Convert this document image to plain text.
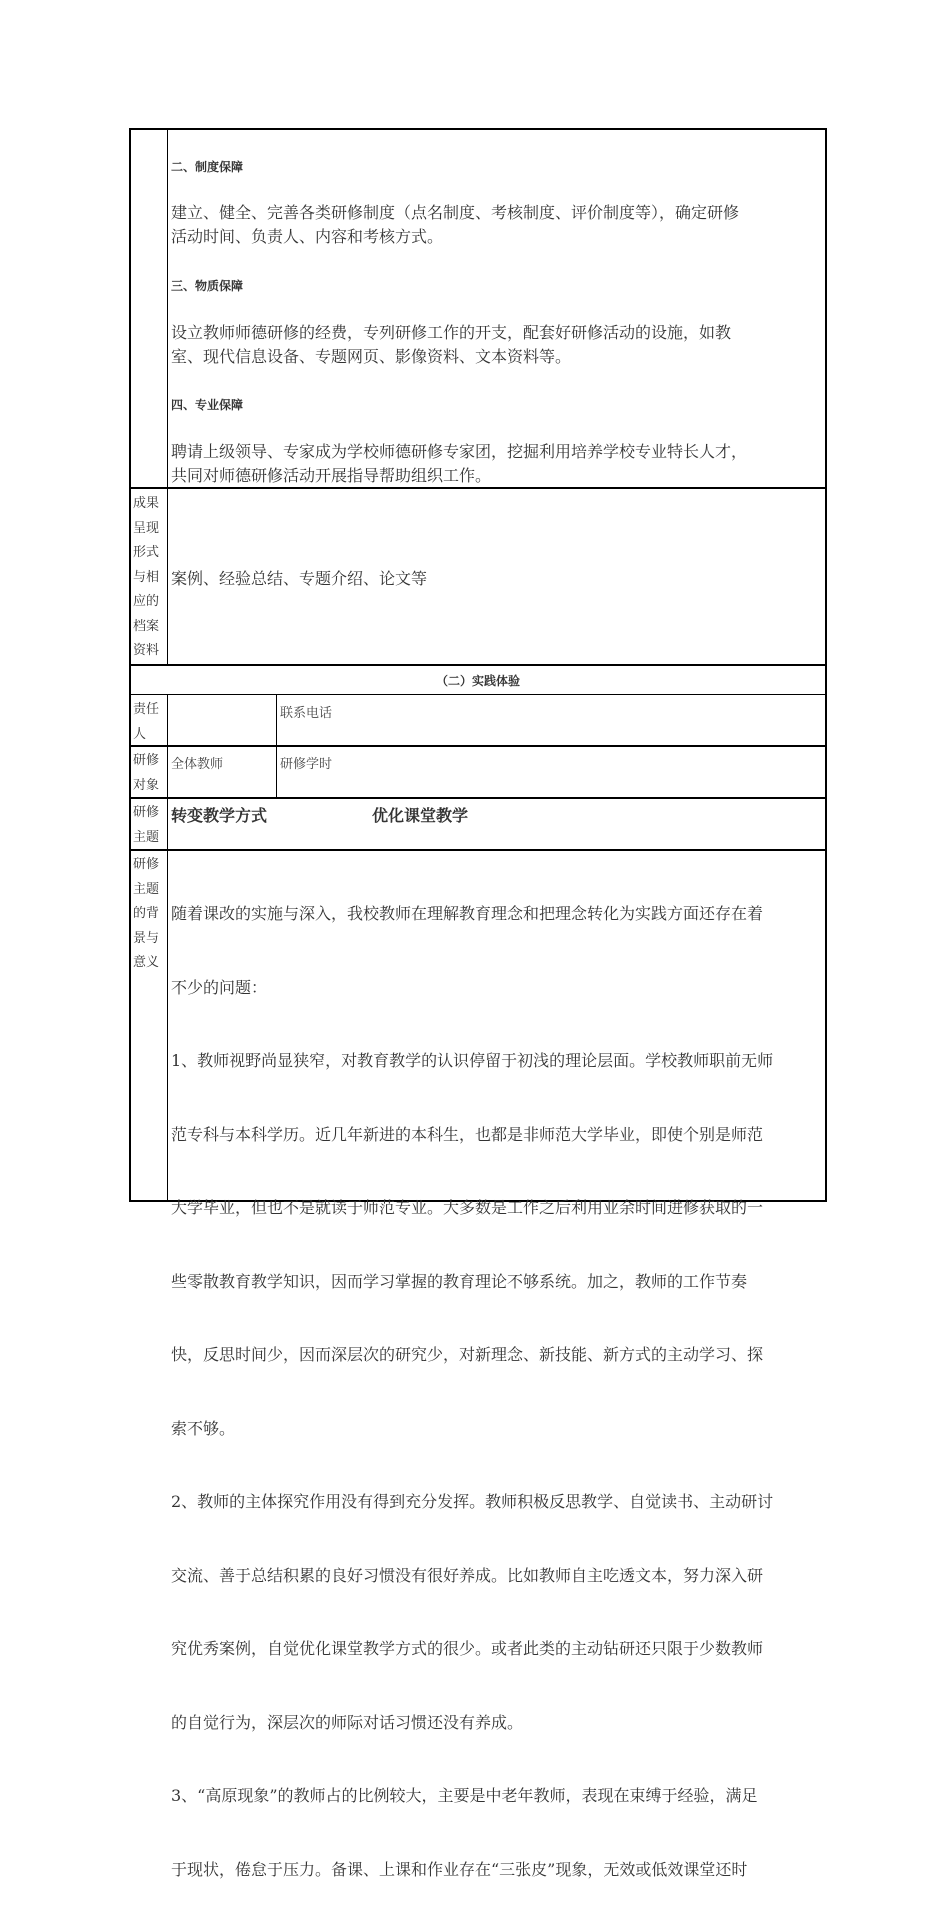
二、制度保障
建立、健全、完善各类研修制度（点名制度、考核制度、评价制度等），确定研修
活动时间、负责人、内容和考核方式。
三、物质保障
设立教师师德研修的经费，专列研修工作的开支，配套好研修活动的设施，如教
室、现代信息设备、专题网页、影像资料、文本资料等。
四、专业保障
聘请上级领导、专家成为学校师德研修专家团，挖掘利用培养学校专业特长人才，
共同对师德研修活动开展指导帮助组织工作。
成果
呈现
形式
与相
应的
档案
资料
案例、经验总结、专题介绍、论文等
（二）实践体验
责任
人
联系电话
研修
对象
全体教师	研修学时
研修
主题
转变教学方式	优化课堂教学
研修
主题
的背
景与
意义

随着课改的实施与深入，我校教师在理解教育理念和把理念转化为实践方面还存在着

不少的问题：

1、教师视野尚显狭窄，对教育教学的认识停留于初浅的理论层面。学校教师职前无师

范专科与本科学历。近几年新进的本科生，也都是非师范大学毕业，即使个别是师范

大学毕业，但也不是就读于师范专业。大多数是工作之后利用业余时间进修获取的一

些零散教育教学知识，因而学习掌握的教育理论不够系统。加之，教师的工作节奏

快，反思时间少，因而深层次的研究少，对新理念、新技能、新方式的主动学习、探

索不够。

2、教师的主体探究作用没有得到充分发挥。教师积极反思教学、自觉读书、主动研讨

交流、善于总结积累的良好习惯没有很好养成。比如教师自主吃透文本，努力深入研

究优秀案例，自觉优化课堂教学方式的很少。或者此类的主动钻研还只限于少数教师

的自觉行为，深层次的师际对话习惯还没有养成。

3、“高原现象”的教师占的比例较大，主要是中老年教师，表现在束缚于经验，满足

于现状，倦怠于压力。备课、上课和作业存在“三张皮”现象，无效或低效课堂还时
